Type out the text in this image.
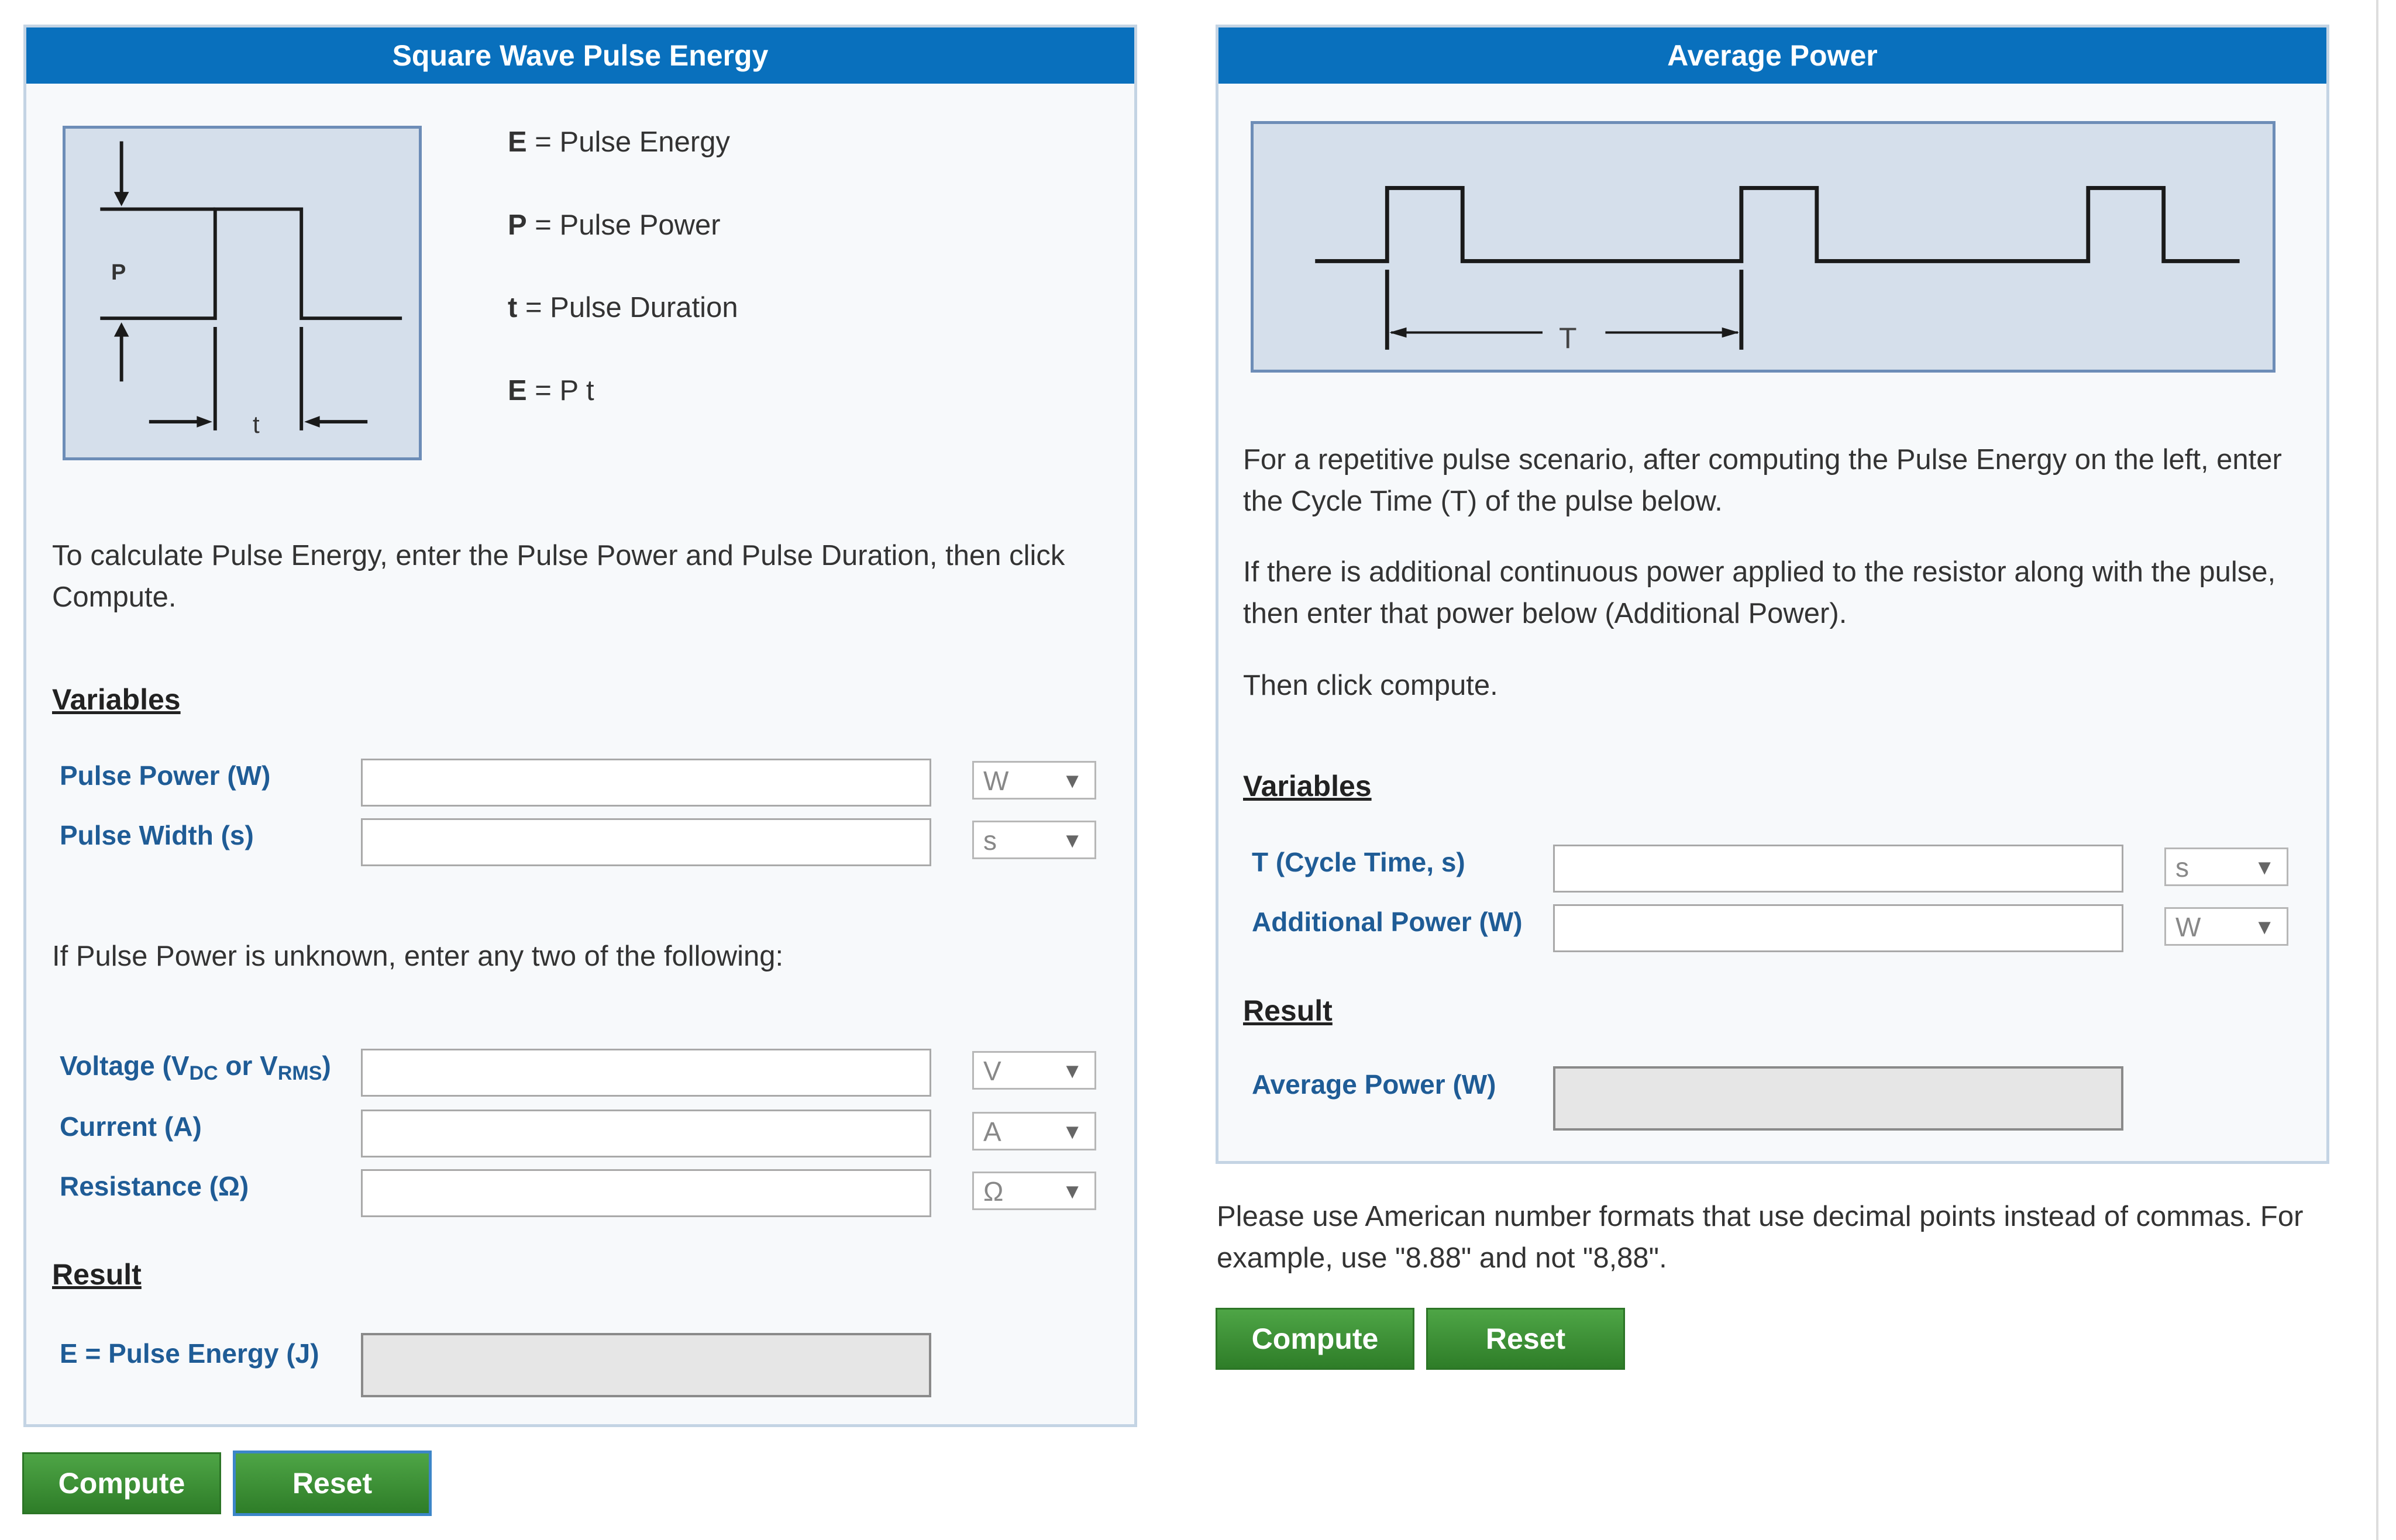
Square Wave Pulse Energy
P
t
E = Pulse Energy
P = Pulse Power
t = Pulse Duration
E = P t
To calculate Pulse Energy, enter the Pulse Power and Pulse Duration, then click Compute.
Variables
Pulse Power (W)	W	▼
Pulse Width (s)	s	▼
If Pulse Power is unknown, enter any two of the following:
Voltage ($V_{DC}$ or $V_{RMS}$)	V	▼
Current (A)	A	▼
Resistance (Ω)	Ω	▼
Result
E = Pulse Energy (J)
Compute	Reset
Average Power
T
For a repetitive pulse scenario, after computing the Pulse Energy on the left, enter the Cycle Time (T) of the pulse below.
If there is additional continuous power applied to the resistor along with the pulse, then enter that power below (Additional Power).
Then click compute.
Variables
T (Cycle Time, s)	s	▼
Additional Power (W)	W	▼
Result
Average Power (W)
Please use American number formats that use decimal points instead of commas. For example, use "8.88" and not "8,88".
Compute	Reset
